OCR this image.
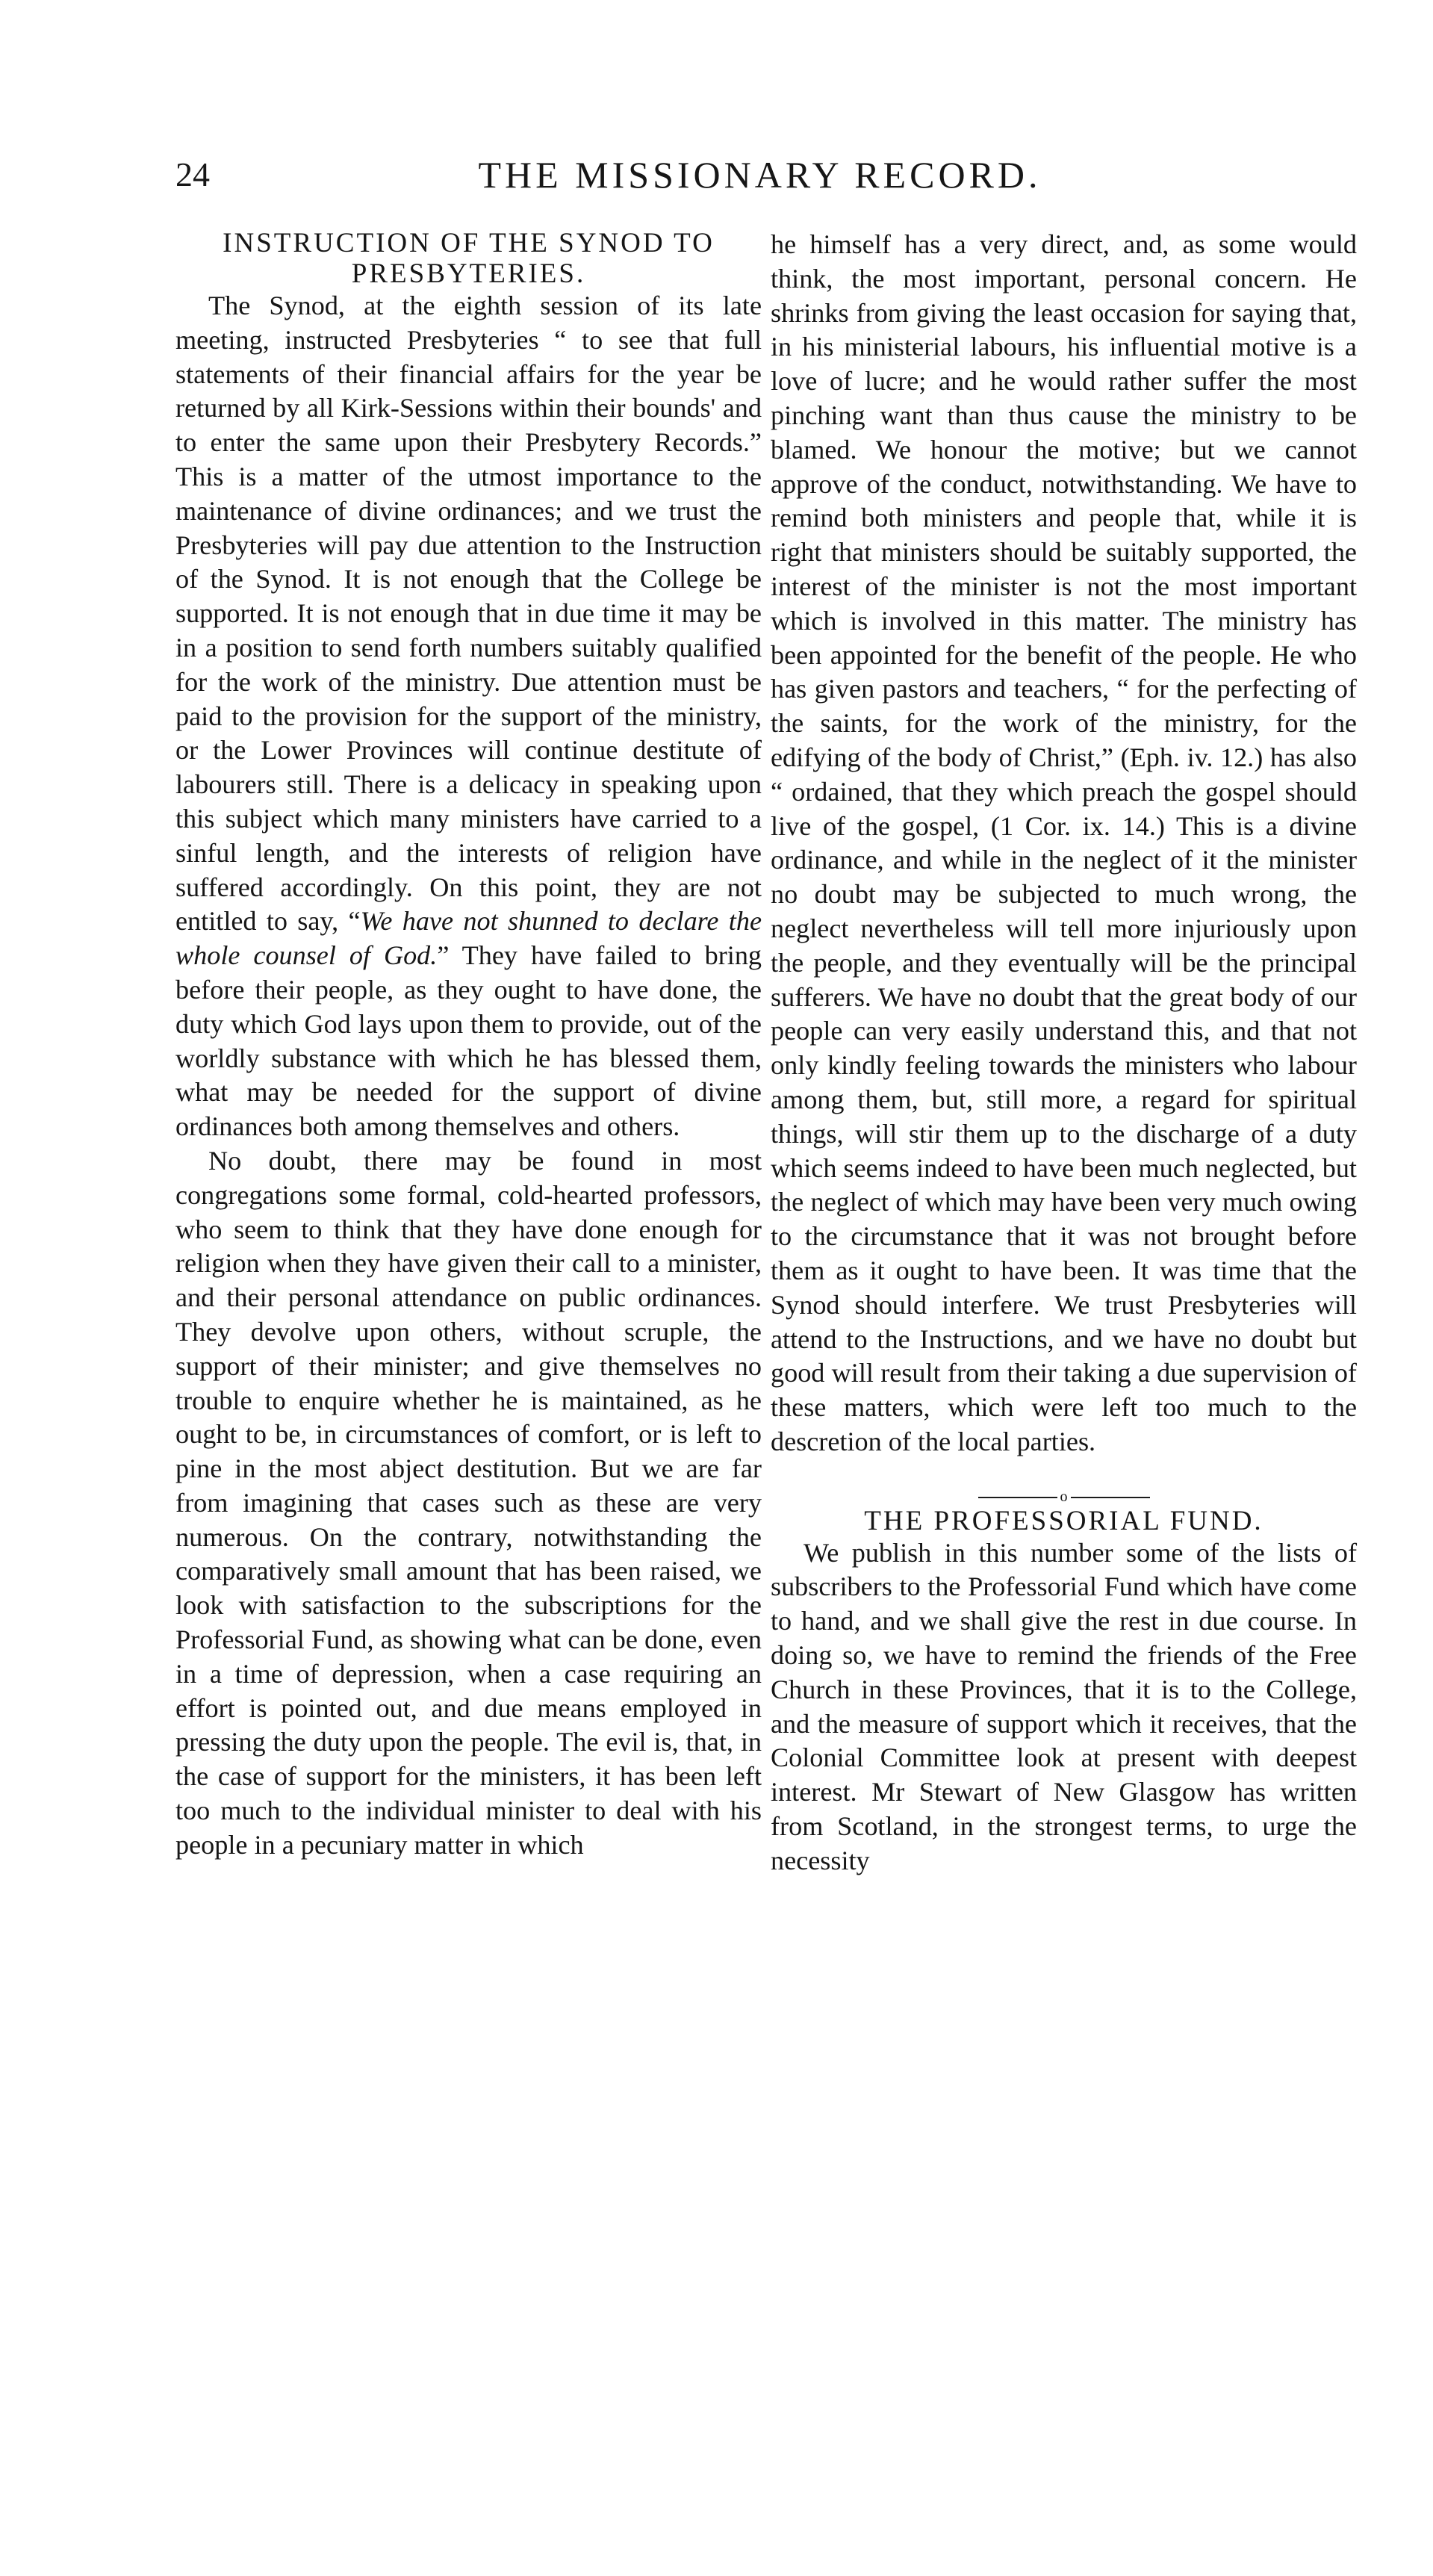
24	THE MISSIONARY RECORD.
INSTRUCTION OF THE SYNOD TO PRESBYTERIES.

The Synod, at the eighth session of its late meeting, instructed Presbyteries “ to see that full statements of their financial affairs for the year be returned by all Kirk-Sessions within their bounds' and to enter the same upon their Presbytery Records.” This is a matter of the utmost importance to the maintenance of divine ordinances; and we trust the Presbyteries will pay due attention to the Instruction of the Synod. It is not enough that the College be supported. It is not enough that in due time it may be in a position to send forth numbers suitably qualified for the work of the ministry. Due attention must be paid to the provision for the support of the ministry, or the Lower Provinces will continue destitute of labourers still. There is a delicacy in speaking upon this subject which many ministers have carried to a sinful length, and the interests of religion have suffered accordingly. On this point, they are not entitled to say, “We have not shunned to declare the whole counsel of God.” They have failed to bring before their people, as they ought to have done, the duty which God lays upon them to provide, out of the worldly substance with which he has blessed them, what may be needed for the support of divine ordinances both among themselves and others.

No doubt, there may be found in most congregations some formal, cold-hearted professors, who seem to think that they have done enough for religion when they have given their call to a minister, and their personal attendance on public ordinances. They devolve upon others, without scruple, the support of their minister; and give themselves no trouble to enquire whether he is maintained, as he ought to be, in circumstances of comfort, or is left to pine in the most abject destitution. But we are far from imagining that cases such as these are very numerous. On the contrary, notwithstanding the comparatively small amount that has been raised, we look with satisfaction to the subscriptions for the Professorial Fund, as showing what can be done, even in a time of depression, when a case requiring an effort is pointed out, and due means employed in pressing the duty upon the people. The evil is, that, in the case of support for the ministers, it has been left too much to the individual minister to deal with his people in a pecuniary matter in which

he himself has a very direct, and, as some would think, the most important, personal concern. He shrinks from giving the least occasion for saying that, in his ministerial labours, his influential motive is a love of lucre; and he would rather suffer the most pinching want than thus cause the ministry to be blamed. We honour the motive; but we cannot approve of the conduct, notwithstanding. We have to remind both ministers and people that, while it is right that ministers should be suitably supported, the interest of the minister is not the most important which is involved in this matter. The ministry has been appointed for the benefit of the people. He who has given pastors and teachers, “ for the perfecting of the saints, for the work of the ministry, for the edifying of the body of Christ,” (Eph. iv. 12.) has also “ ordained, that they which preach the gospel should live of the gospel, (1 Cor. ix. 14.) This is a divine ordinance, and while in the neglect of it the minister no doubt may be subjected to much wrong, the neglect nevertheless will tell more injuriously upon the people, and they eventually will be the principal sufferers. We have no doubt that the great body of our people can very easily understand this, and that not only kindly feeling towards the ministers who labour among them, but, still more, a regard for spiritual things, will stir them up to the discharge of a duty which seems indeed to have been much neglected, but the neglect of which may have been very much owing to the circumstance that it was not brought before them as it ought to have been. It was time that the Synod should interfere. We trust Presbyteries will attend to the Instructions, and we have no doubt but good will result from their taking a due supervision of these matters, which were left too much to the descretion of the local parties.

o
THE PROFESSORIAL FUND.

We publish in this number some of the lists of subscribers to the Professorial Fund which have come to hand, and we shall give the rest in due course. In doing so, we have to remind the friends of the Free Church in these Provinces, that it is to the College, and the measure of support which it receives, that the Colonial Committee look at present with deepest interest. Mr Stewart of New Glasgow has written from Scotland, in the strongest terms, to urge the necessity
